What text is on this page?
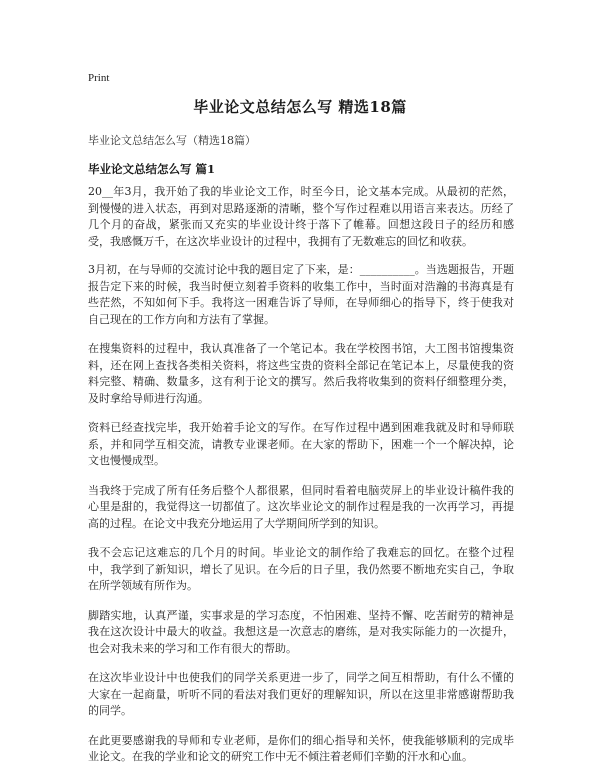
Print
毕业论文总结怎么写 精选18篇
毕业论文总结怎么写（精选18篇）
毕业论文总结怎么写 篇1

20__年3月，我开始了我的毕业论文工作，时至今日，论文基本完成。从最初的茫然，到慢慢的进入状态，再到对思路逐渐的清晰，整个写作过程难以用语言来表达。历经了几个月的奋战，紧张而又充实的毕业设计终于落下了帷幕。回想这段日子的经历和感受，我感慨万千，在这次毕业设计的过程中，我拥有了无数难忘的回忆和收获。

3月初，在与导师的交流讨论中我的题目定了下来，是：__________。当选题报告，开题报告定下来的时候，我当时便立刻着手资料的收集工作中，当时面对浩瀚的书海真是有些茫然，不知如何下手。我将这一困难告诉了导师，在导师细心的指导下，终于使我对自己现在的工作方向和方法有了掌握。

在搜集资料的过程中，我认真准备了一个笔记本。我在学校图书馆，大工图书馆搜集资料，还在网上查找各类相关资料，将这些宝贵的资料全部记在笔记本上，尽量使我的资料完整、精确、数量多，这有利于论文的撰写。然后我将收集到的资料仔细整理分类，及时拿给导师进行沟通。

资料已经查找完毕，我开始着手论文的写作。在写作过程中遇到困难我就及时和导师联系，并和同学互相交流，请教专业课老师。在大家的帮助下，困难一个一个解决掉，论文也慢慢成型。

当我终于完成了所有任务后整个人都很累，但同时看着电脑荧屏上的毕业设计稿件我的心里是甜的，我觉得这一切都值了。这次毕业论文的制作过程是我的一次再学习，再提高的过程。在论文中我充分地运用了大学期间所学到的知识。

我不会忘记这难忘的几个月的时间。毕业论文的制作给了我难忘的回忆。在整个过程中，我学到了新知识，增长了见识。在今后的日子里，我仍然要不断地充实自己，争取在所学领域有所作为。

脚踏实地，认真严谨，实事求是的学习态度，不怕困难、坚持不懈、吃苦耐劳的精神是我在这次设计中最大的收益。我想这是一次意志的磨练，是对我实际能力的一次提升，也会对我未来的学习和工作有很大的帮助。

在这次毕业设计中也使我们的同学关系更进一步了，同学之间互相帮助，有什么不懂的大家在一起商量，听听不同的看法对我们更好的理解知识，所以在这里非常感谢帮助我的同学。

在此更要感谢我的导师和专业老师，是你们的细心指导和关怀，使我能够顺利的完成毕业论文。在我的学业和论文的研究工作中无不倾注着老师们辛勤的汗水和心血。
